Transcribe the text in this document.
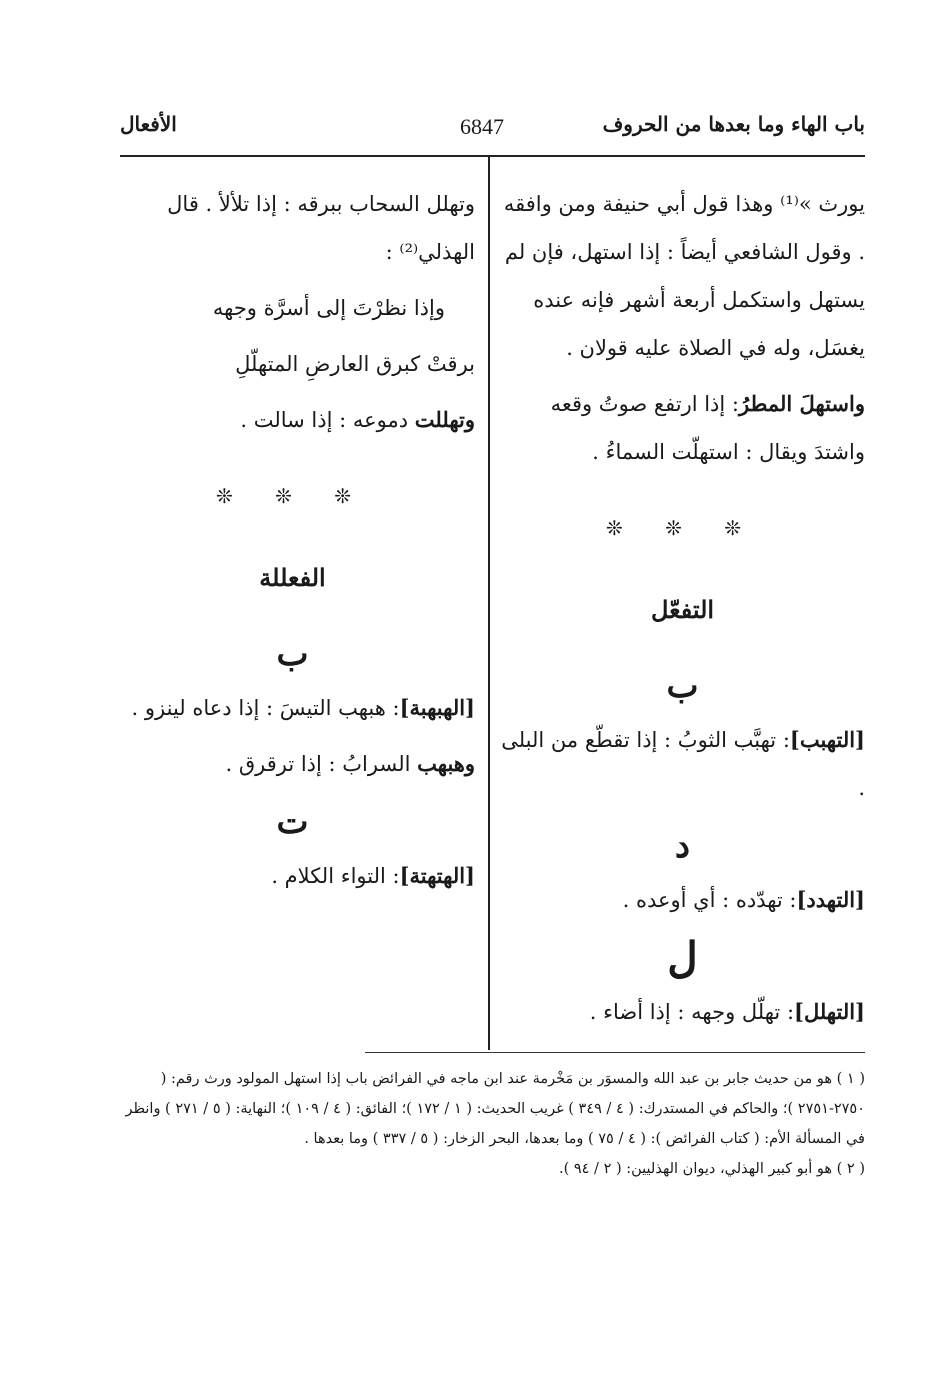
باب الهاء وما بعدها من الحروف
6847
الأفعال

يورث »⁽¹⁾ وهذا قول أبي حنيفة ومن وافقه . وقول الشافعي أيضاً : إذا استهل، فإن لم يستهل واستكمل أربعة أشهر فإنه عنده يغسَل، وله في الصلاة عليه قولان .

واستهلَ المطرُ: إذا ارتفع صوتُ وقعه واشتدَ ويقال : استهلّت السماءُ .

❊ ❊ ❊
التفعّل
ب

[التهبب]: تهبَّب الثوبُ : إذا تقطّع من البلى .

د

[التهدد]: تهدّده : أي أوعده .

ل

[التهلل]: تهلّل وجهه : إذا أضاء .

وتهلل السحاب ببرقه : إذا تلألأ . قال الهذلي⁽²⁾ :

وإذا نظرْتَ إلى أسرَّة وجهه

برقتْ كبرق العارضِ المتهلّلِ

وتهللت دموعه : إذا سالت .

❊ ❊ ❊
الفعللة
ب

[الهبهبة]: هبهب التيسَ : إذا دعاه لينزو .

وهبهب السرابُ : إذا ترقرق .

ت

[الهتهتة]: التواء الكلام .

( ١ ) هو من حديث جابر بن عبد الله والمسوَر بن مَخْرمة عند ابن ماجه في الفرائض باب إذا استهل المولود ورث رقم: ( ٢٧٥٠-٢٧٥١ )؛ والحاكم في المستدرك: ( ٤ / ٣٤٩ ) غريب الحديث: ( ١ / ١٧٢ )؛ الفائق: ( ٤ / ١٠٩ )؛ النهاية: ( ٥ / ٢٧١ ) وانظر في المسألة الأم: ( كتاب الفرائض ): ( ٤ / ٧٥ ) وما بعدها، البحر الزخار: ( ٥ / ٣٣٧ ) وما بعدها .

( ٢ ) هو أبو كبير الهذلي، ديوان الهذليين: ( ٢ / ٩٤ ).
